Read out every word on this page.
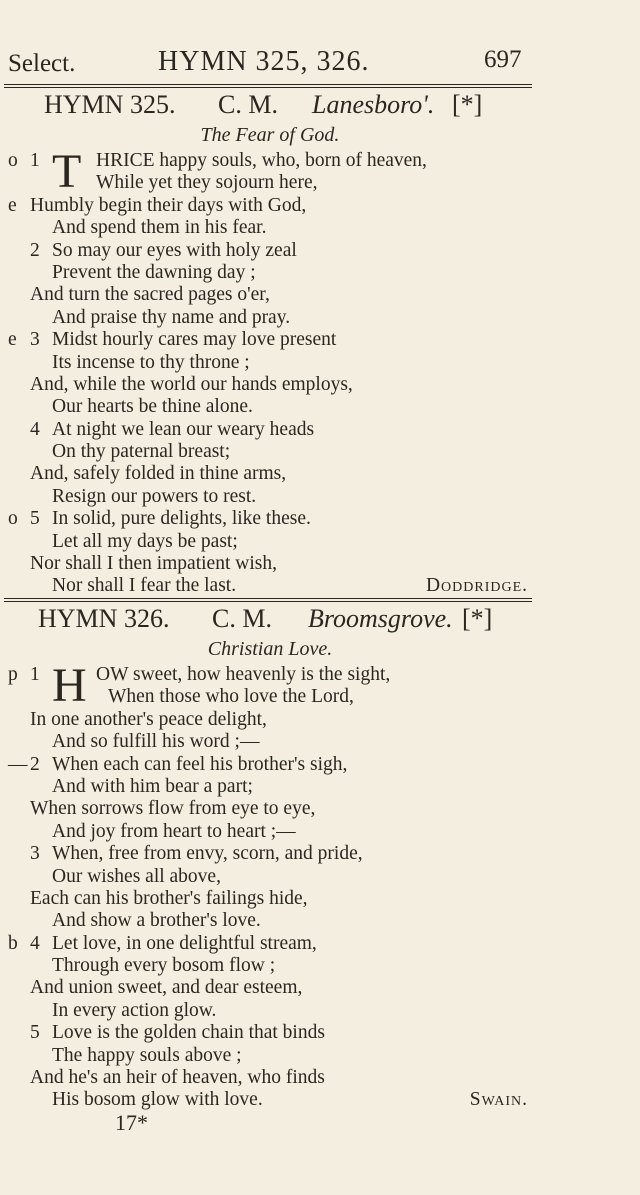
Select.	HYMN 325, 326.	697
HYMN 325. C. M. Lanesboro'. [*]
The Fear of God.
T
o 1	HRICE happy souls, who, born of heaven,
While yet they sojourn here,
e Humbly begin their days with God,
And spend them in his fear.
2 So may our eyes with holy zeal
Prevent the dawning day ;
And turn the sacred pages o'er,
And praise thy name and pray.
e 3 Midst hourly cares may love present
Its incense to thy throne ;
And, while the world our hands employs,
Our hearts be thine alone.
4 At night we lean our weary heads
On thy paternal breast;
And, safely folded in thine arms,
Resign our powers to rest.
o 5 In solid, pure delights, like these.
Let all my days be past;
Nor shall I then impatient wish,
Nor shall I fear the last.	Doddridge.
HYMN 326. C. M. Broomsgrove. [*]
Christian Love.
H
p 1	OW sweet, how heavenly is the sight,
When those who love the Lord,
In one another's peace delight,
And so fulfill his word ;—
— 2 When each can feel his brother's sigh,
And with him bear a part;
When sorrows flow from eye to eye,
And joy from heart to heart ;—
3 When, free from envy, scorn, and pride,
Our wishes all above,
Each can his brother's failings hide,
And show a brother's love.
b 4 Let love, in one delightful stream,
Through every bosom flow ;
And union sweet, and dear esteem,
In every action glow.
5 Love is the golden chain that binds
The happy souls above ;
And he's an heir of heaven, who finds
His bosom glow with love.	Swain.
17*
